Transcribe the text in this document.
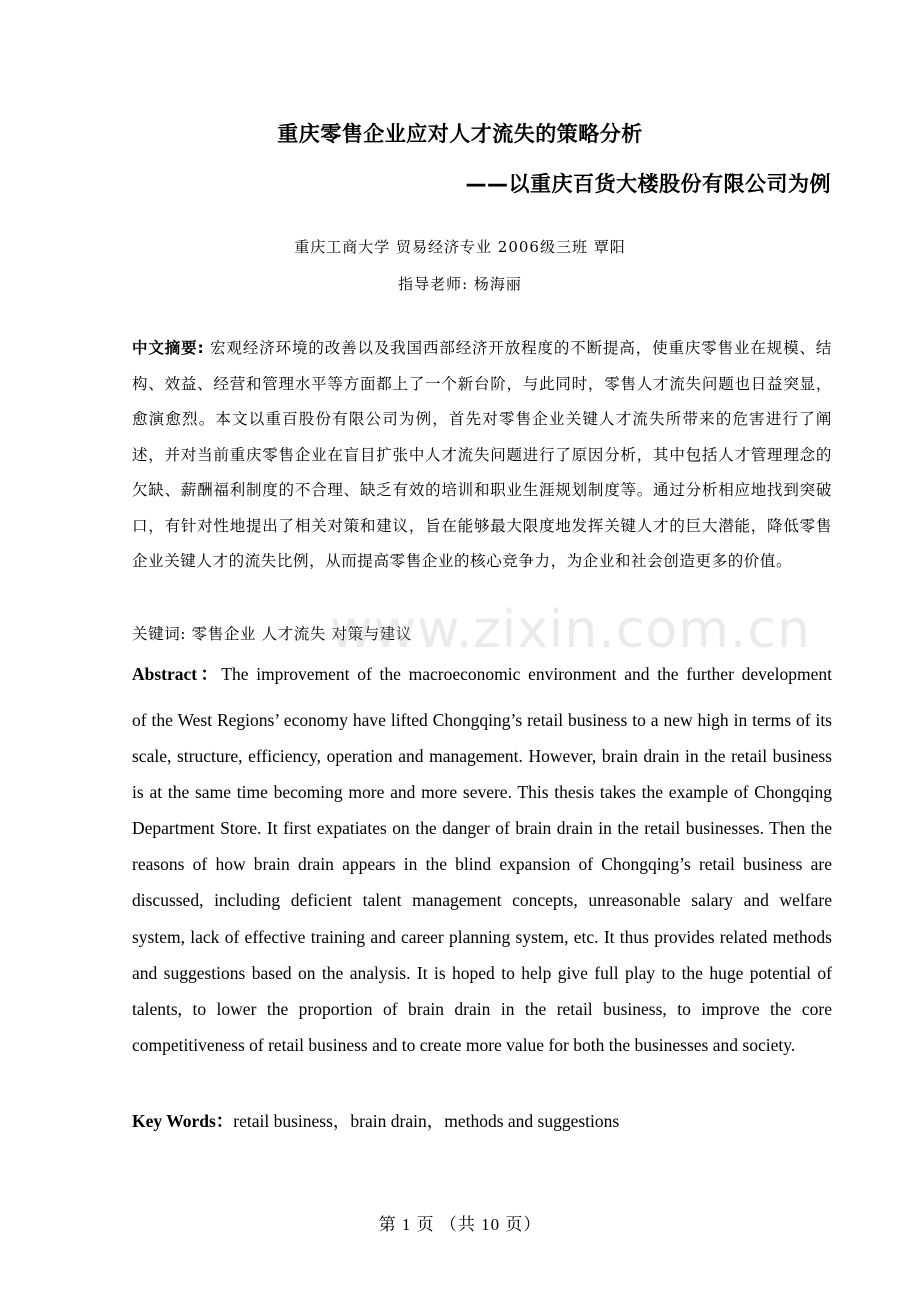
重庆零售企业应对人才流失的策略分析
——以重庆百货大楼股份有限公司为例
重庆工商大学 贸易经济专业 2006级三班 覃阳
指导老师: 杨海丽
中文摘要: 宏观经济环境的改善以及我国西部经济开放程度的不断提高，使重庆零售业在规模、结构、效益、经营和管理水平等方面都上了一个新台阶，与此同时，零售人才流失问题也日益突显，愈演愈烈。本文以重百股份有限公司为例，首先对零售企业关键人才流失所带来的危害进行了阐述，并对当前重庆零售企业在盲目扩张中人才流失问题进行了原因分析，其中包括人才管理理念的欠缺、薪酬福利制度的不合理、缺乏有效的培训和职业生涯规划制度等。通过分析相应地找到突破口，有针对性地提出了相关对策和建议，旨在能够最大限度地发挥关键人才的巨大潜能，降低零售企业关键人才的流失比例，从而提高零售企业的核心竞争力，为企业和社会创造更多的价值。
关键词: 零售企业 人才流失 对策与建议
Abstract：The improvement of the macroeconomic environment and the further development
of the West Regions’ economy have lifted Chongqing’s retail business to a new high in terms of its scale, structure, efficiency, operation and management. However, brain drain in the retail business is at the same time becoming more and more severe. This thesis takes the example of Chongqing Department Store. It first expatiates on the danger of brain drain in the retail businesses. Then the reasons of how brain drain appears in the blind expansion of Chongqing’s retail business are discussed, including deficient talent management concepts, unreasonable salary and welfare system, lack of effective training and career planning system, etc. It thus provides related methods and suggestions based on the analysis. It is hoped to help give full play to the huge potential of talents, to lower the proportion of brain drain in the retail business, to improve the core competitiveness of retail business and to create more value for both the businesses and society.
Key Words：retail business，brain drain，methods and suggestions
第 1 页 （共 10 页）
www.zixin.com.cn
